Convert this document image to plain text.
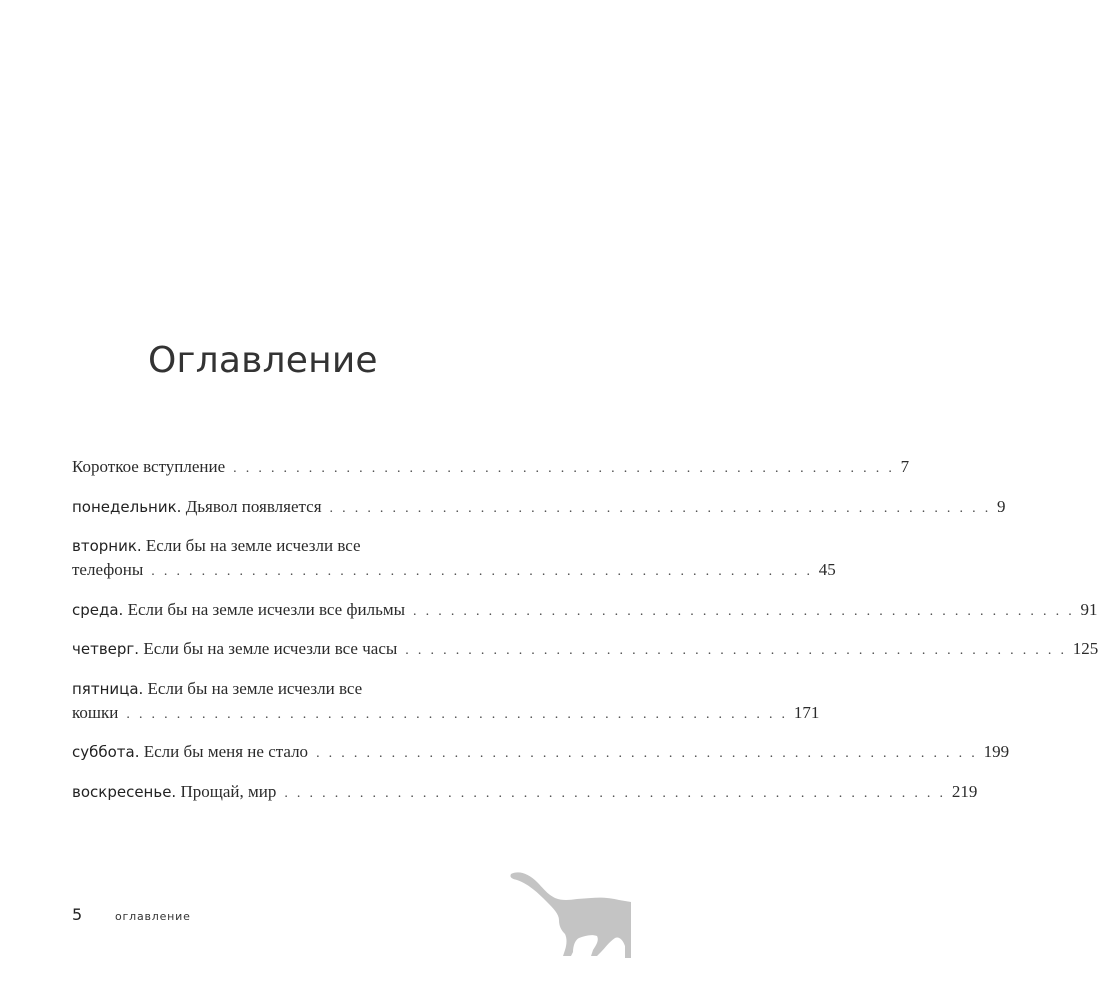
Оглавление
Короткое вступление . . . . . . . . . . . . . . . . . . . . . . . . . . . . . . . . . . . . . . . . . . . . . . . . . . . . . 7
понедельник.
Дьявол появляется . . . . . . . . . . . . . . . . . . . . . . . . . . . . . . . . . . . . . . . . . . . . . . . . . . . . . 9
вторник. Если бы на земле исчезли все
телефоны . . . . . . . . . . . . . . . . . . . . . . . . . . . . . . . . . . . . . . . . . . . . . . . . . . . . . 45
среда.
Если бы на земле исчезли все фильмы . . . . . . . . . . . . . . . . . . . . . . . . . . . . . . . . . . . . . . . . . . . . . . . . . . . . . 91
четверг.
Если бы на земле исчезли все часы . . . . . . . . . . . . . . . . . . . . . . . . . . . . . . . . . . . . . . . . . . . . . . . . . . . . . 125
пятница. Если бы на земле исчезли все
кошки . . . . . . . . . . . . . . . . . . . . . . . . . . . . . . . . . . . . . . . . . . . . . . . . . . . . . 171
суббота.
Если бы меня не стало . . . . . . . . . . . . . . . . . . . . . . . . . . . . . . . . . . . . . . . . . . . . . . . . . . . . . 199
воскресенье.
Прощай, мир . . . . . . . . . . . . . . . . . . . . . . . . . . . . . . . . . . . . . . . . . . . . . . . . . . . . . 219
5	оглавление
